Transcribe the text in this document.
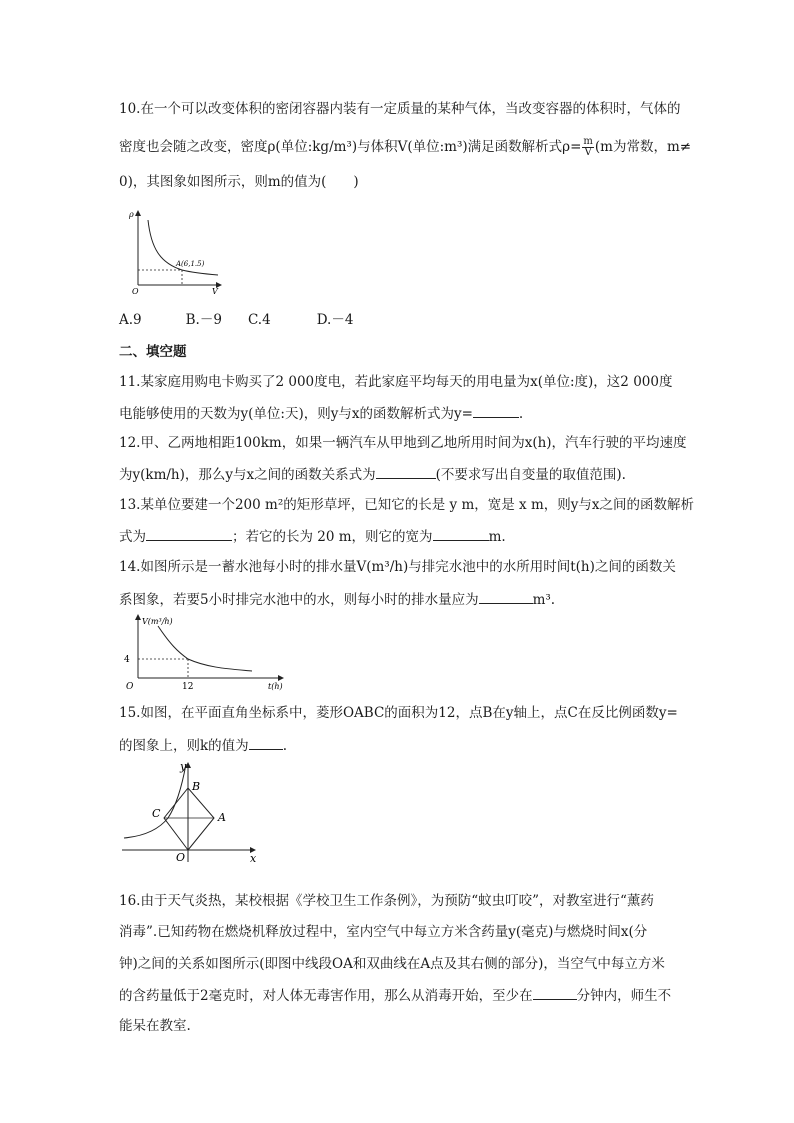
10.在一个可以改变体积的密闭容器内装有一定质量的某种气体，当改变容器的体积时，气体的
密度也会随之改变，密度ρ(单位:kg/m³)与体积V(单位:m³)满足函数解析式$\rho= \frac{m}{V} (m$为常数，m≠
0)，其图象如图所示，则m的值为(　　)
ρ
V
O
A(6,1.5)
A.9	B.－9 C.4	D.－4
二、填空题
11.某家庭用购电卡购买了2 000度电，若此家庭平均每天的用电量为x(单位:度)，这2 000度
电能够使用的天数为y(单位:天)，则y与x的函数解析式为y=	.
12.甲、乙两地相距100km，如果一辆汽车从甲地到乙地所用时间为x(h)，汽车行驶的平均速度
为y(km/h)，那么y与x之间的函数关系式为	(不要求写出自变量的取值范围).
13.某单位要建一个200 m²的矩形草坪，已知它的长是 y m，宽是 x m，则y与x之间的函数解析
式为	；若它的长为 20 m，则它的宽为	m.
14.如图所示是一蓄水池每小时的排水量V(m³/h)与排完水池中的水所用时间t(h)之间的函数关
系图象，若要5小时排完水池中的水，则每小时的排水量应为	m³.
V(m³/h)
4
12
O	t(h)
15.如图，在平面直角坐标系中，菱形OABC的面积为12，点B在y轴上，点C在反比例函数y=
的图象上，则k的值为	.
B
A
C
O	x
y
16.由于天气炎热，某校根据《学校卫生工作条例》，为预防“蚊虫叮咬”，对教室进行“薰药
消毒”.已知药物在燃烧机释放过程中，室内空气中每立方米含药量y(毫克)与燃烧时间x(分
钟)之间的关系如图所示(即图中线段OA和双曲线在A点及其右侧的部分)，当空气中每立方米
的含药量低于2毫克时，对人体无毒害作用，那么从消毒开始，至少在	分钟内，师生不
能呆在教室.
